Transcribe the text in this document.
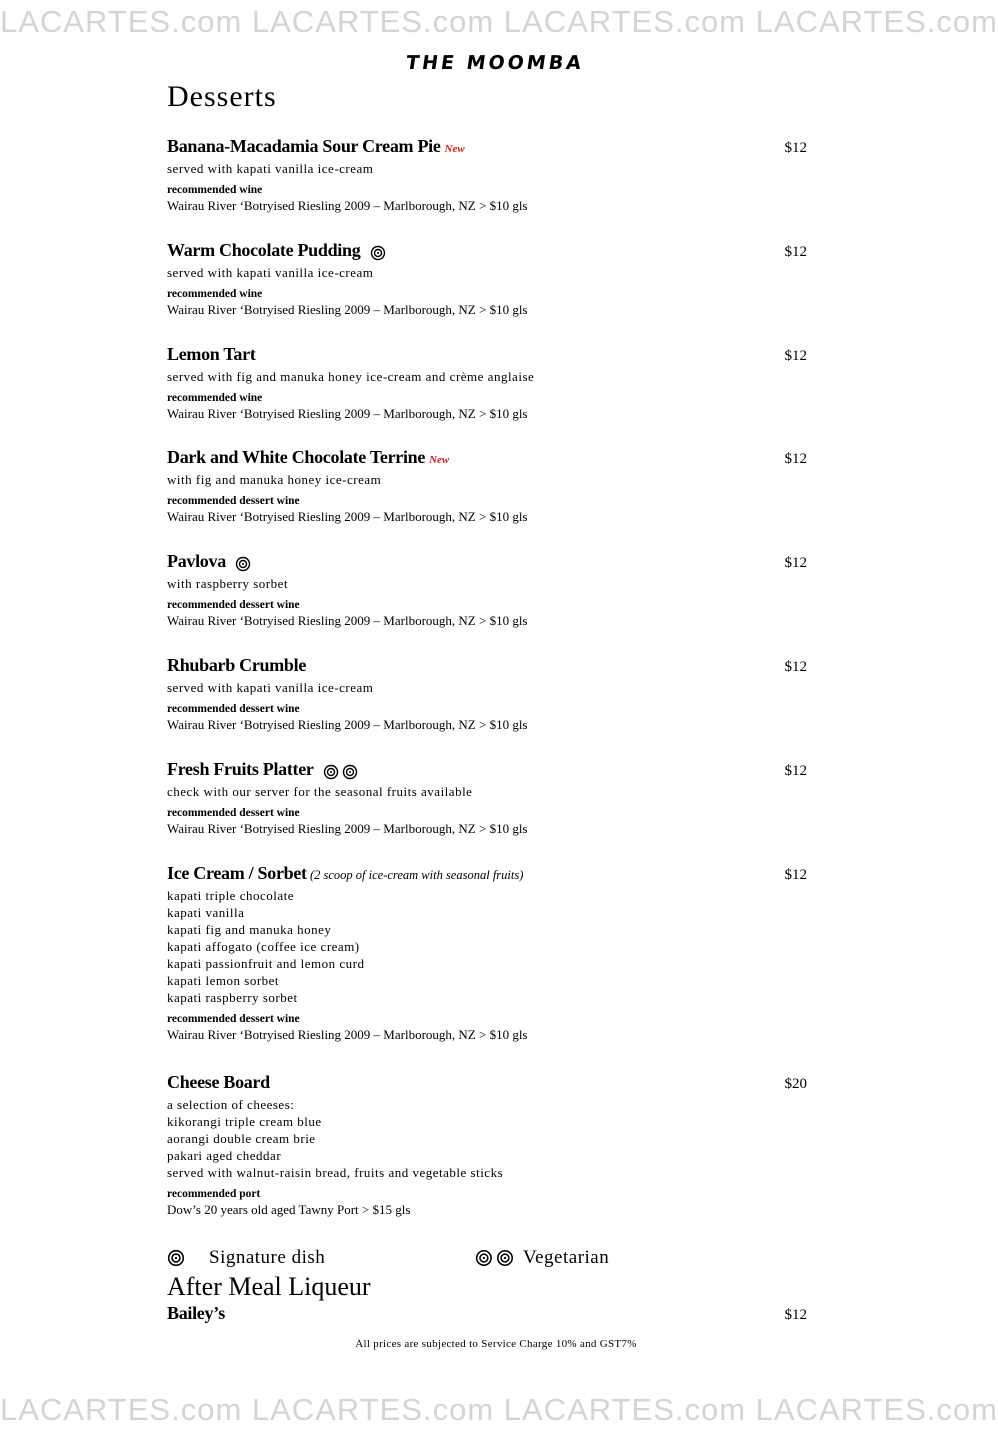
LACARTES.com LACARTES.com LACARTES.com LACARTES.com
LACARTES.com LACARTES.com LACARTES.com LACARTES.com
THE MOOMBA
Desserts
Banana-Macadamia Sour Cream Pie New	$12
served with kapati vanilla ice-cream
recommended wine
Wairau River ‘Botryised Riesling 2009 – Marlborough, NZ > $10 gls
Warm Chocolate Pudding	$12
served with kapati vanilla ice-cream
recommended wine
Wairau River ‘Botryised Riesling 2009 – Marlborough, NZ > $10 gls
Lemon Tart	$12
served with fig and manuka honey ice-cream and crème anglaise
recommended wine
Wairau River ‘Botryised Riesling 2009 – Marlborough, NZ > $10 gls
Dark and White Chocolate Terrine New	$12
with fig and manuka honey ice-cream
recommended dessert wine
Wairau River ‘Botryised Riesling 2009 – Marlborough, NZ > $10 gls
Pavlova	$12
with raspberry sorbet
recommended dessert wine
Wairau River ‘Botryised Riesling 2009 – Marlborough, NZ > $10 gls
Rhubarb Crumble	$12
served with kapati vanilla ice-cream
recommended dessert wine
Wairau River ‘Botryised Riesling 2009 – Marlborough, NZ > $10 gls
Fresh Fruits Platter	$12
check with our server for the seasonal fruits available
recommended dessert wine
Wairau River ‘Botryised Riesling 2009 – Marlborough, NZ > $10 gls
Ice Cream / Sorbet (2 scoop of ice-cream with seasonal fruits)	$12
kapati triple chocolate
kapati vanilla
kapati fig and manuka honey
kapati affogato (coffee ice cream)
kapati passionfruit and lemon curd
kapati lemon sorbet
kapati raspberry sorbet
recommended dessert wine
Wairau River ‘Botryised Riesling 2009 – Marlborough, NZ > $10 gls
Cheese Board	$20
a selection of cheeses:
kikorangi triple cream blue
aorangi double cream brie
pakari aged cheddar
served with walnut-raisin bread, fruits and vegetable sticks
recommended port
Dow’s 20 years old aged Tawny Port > $15 gls
Signature dish	Vegetarian
After Meal Liqueur
Bailey’s	$12
All prices are subjected to Service Charge 10% and GST7%
